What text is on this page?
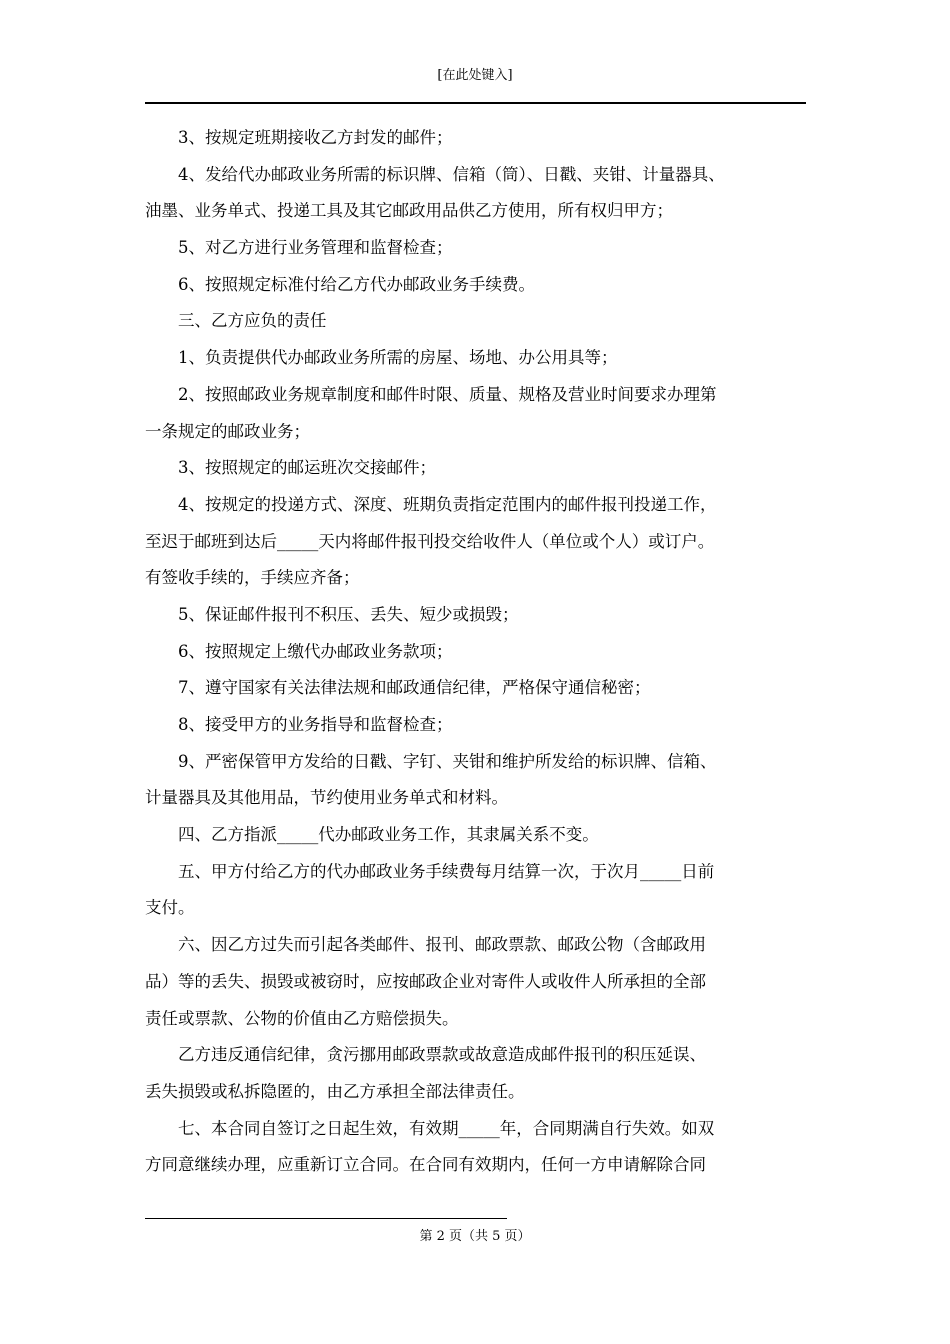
[在此处键入]
3、按规定班期接收乙方封发的邮件；
4、发给代办邮政业务所需的标识牌、信箱（筒）、日戳、夹钳、计量器具、
油墨、业务单式、投递工具及其它邮政用品供乙方使用，所有权归甲方；
5、对乙方进行业务管理和监督检查；
6、按照规定标准付给乙方代办邮政业务手续费。
三、乙方应负的责任
1、负责提供代办邮政业务所需的房屋、场地、办公用具等；
2、按照邮政业务规章制度和邮件时限、质量、规格及营业时间要求办理第
一条规定的邮政业务；
3、按照规定的邮运班次交接邮件；
4、按规定的投递方式、深度、班期负责指定范围内的邮件报刊投递工作，
至迟于邮班到达后_____天内将邮件报刊投交给收件人（单位或个人）或订户。
有签收手续的，手续应齐备；
5、保证邮件报刊不积压、丢失、短少或损毁；
6、按照规定上缴代办邮政业务款项；
7、遵守国家有关法律法规和邮政通信纪律，严格保守通信秘密；
8、接受甲方的业务指导和监督检查；
9、严密保管甲方发给的日戳、字钉、夹钳和维护所发给的标识牌、信箱、
计量器具及其他用品，节约使用业务单式和材料。
四、乙方指派_____代办邮政业务工作，其隶属关系不变。
五、甲方付给乙方的代办邮政业务手续费每月结算一次，于次月_____日前
支付。
六、因乙方过失而引起各类邮件、报刊、邮政票款、邮政公物（含邮政用
品）等的丢失、损毁或被窃时，应按邮政企业对寄件人或收件人所承担的全部
责任或票款、公物的价值由乙方赔偿损失。
乙方违反通信纪律，贪污挪用邮政票款或故意造成邮件报刊的积压延误、
丢失损毁或私拆隐匿的，由乙方承担全部法律责任。
七、本合同自签订之日起生效，有效期_____年，合同期满自行失效。如双
方同意继续办理，应重新订立合同。在合同有效期内，任何一方申请解除合同
第 2 页（共 5 页）
